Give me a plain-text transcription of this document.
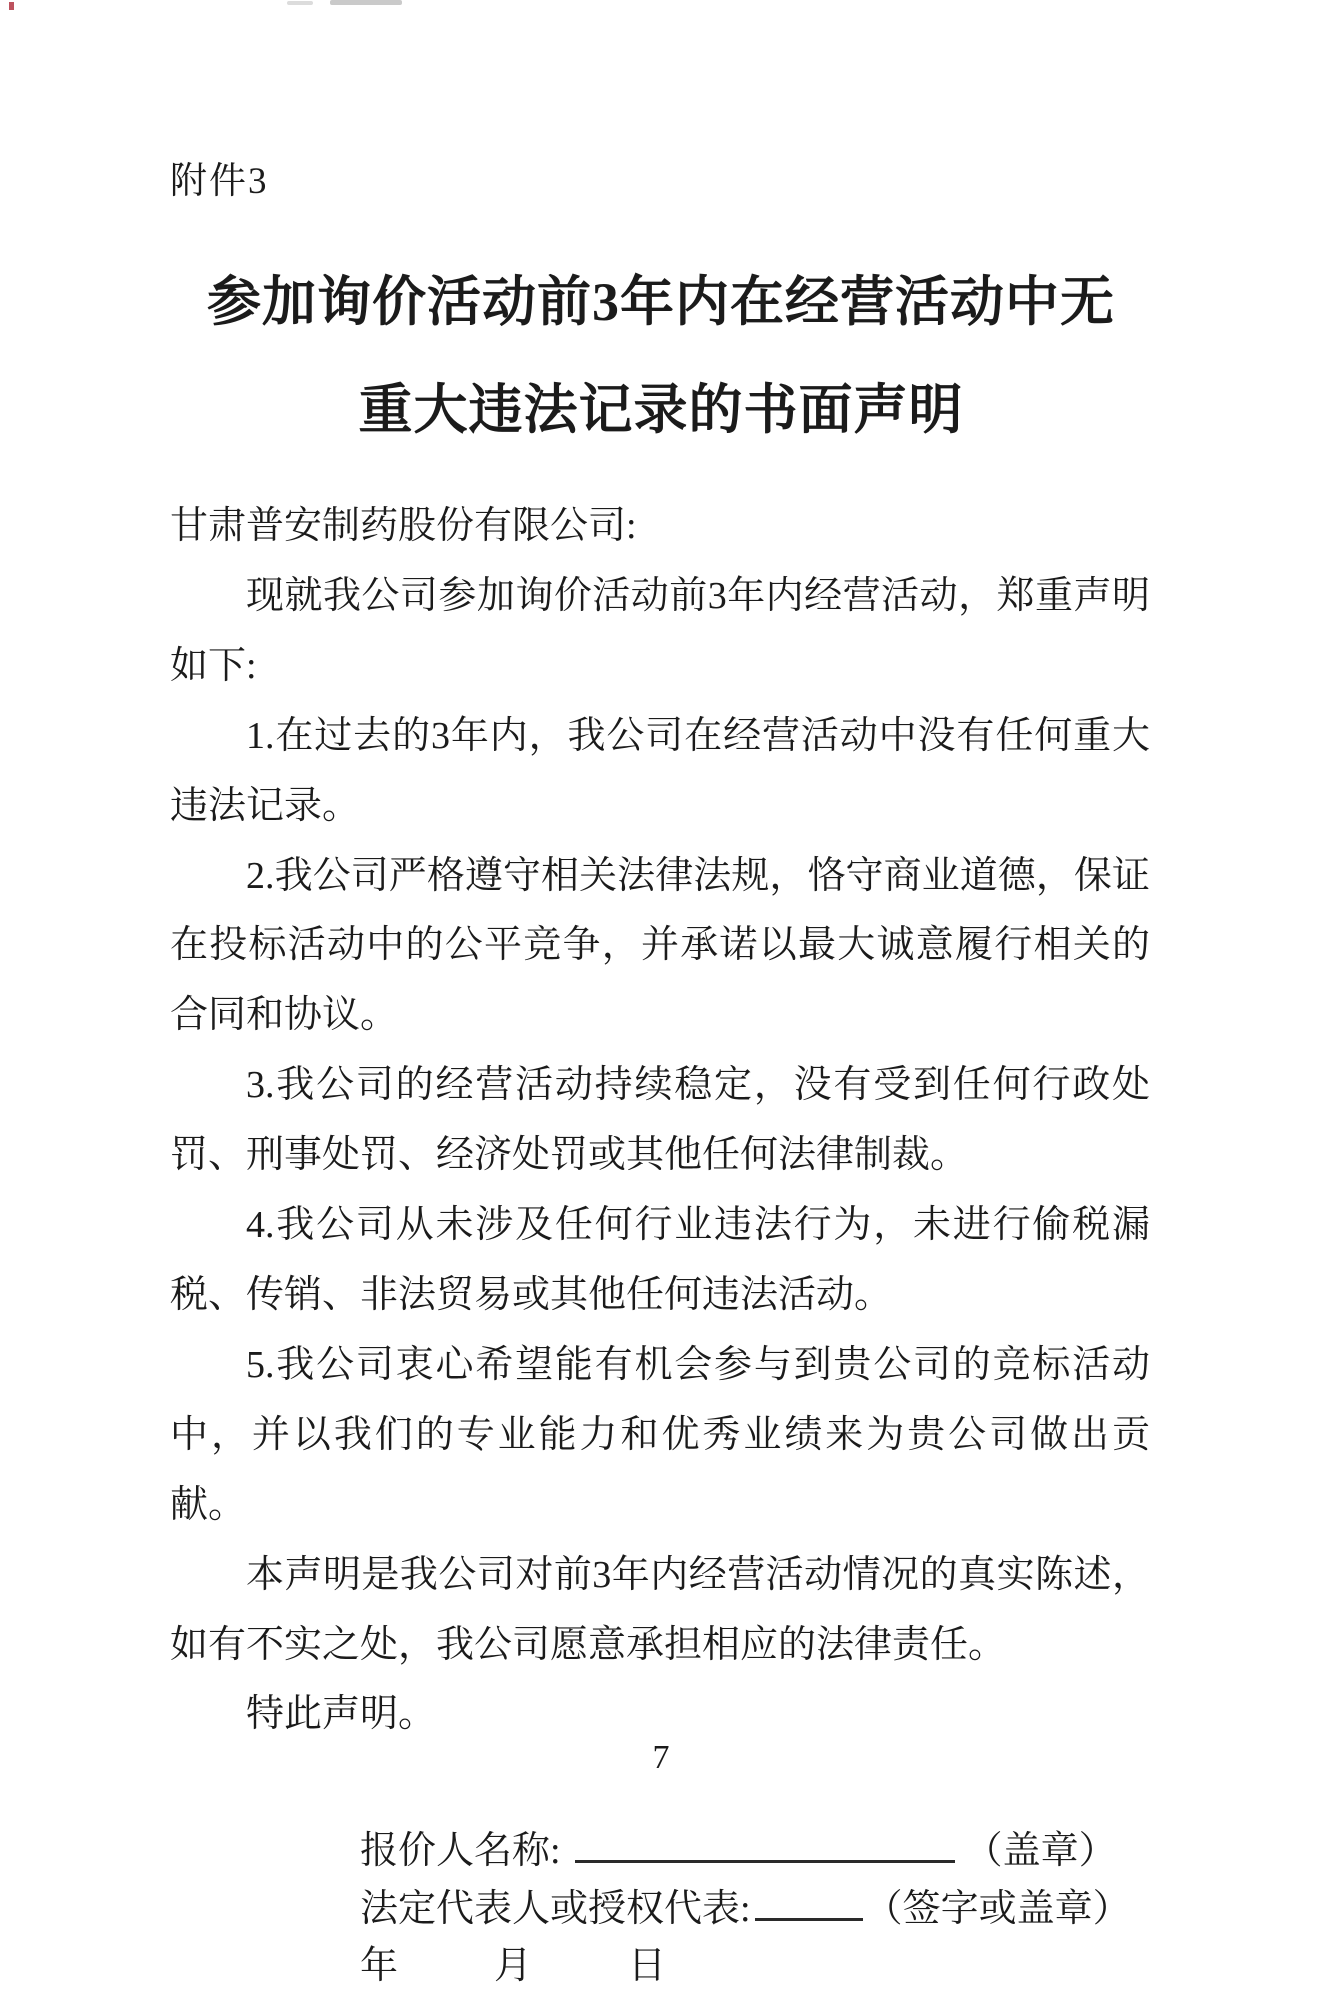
附件3
参加询价活动前3年内在经营活动中无
重大违法记录的书面声明

甘肃普安制药股份有限公司:

现就我公司参加询价活动前3年内经营活动，郑重声明如下:

1.在过去的3年内，我公司在经营活动中没有任何重大违法记录。

2.我公司严格遵守相关法律法规，恪守商业道德，保证在投标活动中的公平竞争，并承诺以最大诚意履行相关的合同和协议。

3.我公司的经营活动持续稳定，没有受到任何行政处罚、刑事处罚、经济处罚或其他任何法律制裁。

4.我公司从未涉及任何行业违法行为，未进行偷税漏税、传销、非法贸易或其他任何违法活动。

5.我公司衷心希望能有机会参与到贵公司的竞标活动中，并以我们的专业能力和优秀业绩来为贵公司做出贡献。

本声明是我公司对前3年内经营活动情况的真实陈述，如有不实之处，我公司愿意承担相应的法律责任。

特此声明。

报价人名称:	（盖章）

法定代表人或授权代表:	（签字或盖章）

年	月	日

7
